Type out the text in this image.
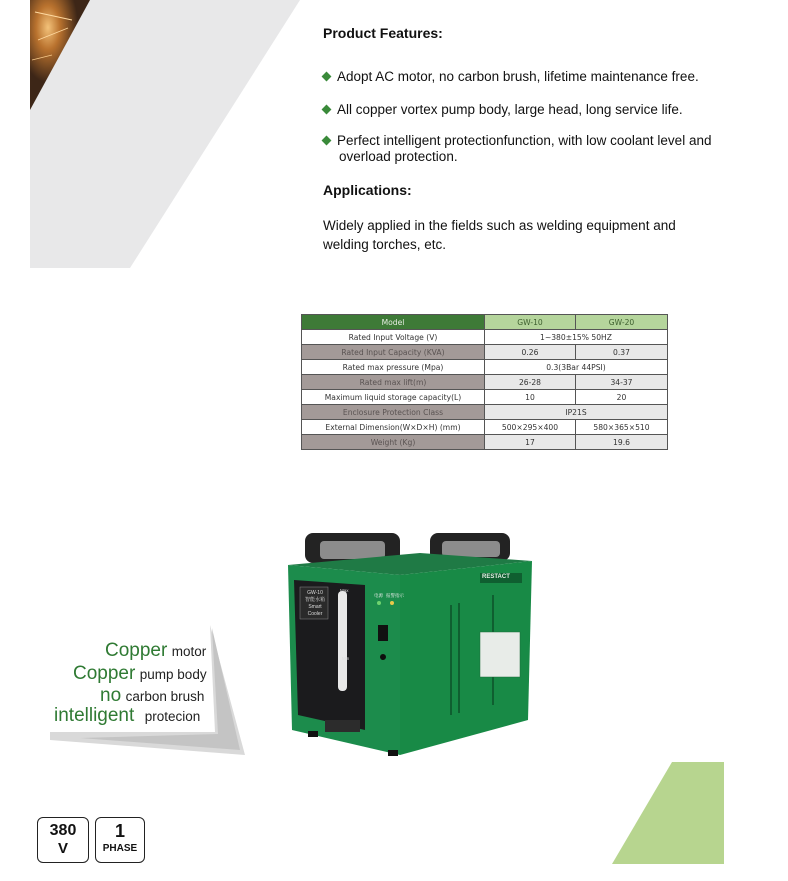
Product Features:
Adopt AC motor, no carbon brush, lifetime maintenance free.
All copper vortex pump body, large head, long service life.
Perfect intelligent protectionfunction, with low coolant level and overload protection.
Applications:
Widely applied in the fields such as welding equipment and welding torches, etc.
Model	GW-10	GW-20
Rated Input Voltage (V)	1~380±15% 50HZ	
Rated Input Capacity (KVA)	0.26	0.37
Rated max pressure (Mpa)	0.3(3Bar 44PSI)	
Rated max lift(m)	26-28	34-37
Maximum liquid storage capacity(L)	10	20
Enclosure Protection Class	IP21S	
External Dimension(W×D×H) (mm)	500×295×400	580×365×510
Weight (Kg)	17	19.6
Copper motor
Copper pump body
no carbon brush
intelligent protecion
GW-10
智能水箱
Smart Cooler
Max
Min
电源 报警指示
RESTACT
380
V
1
PHASE
